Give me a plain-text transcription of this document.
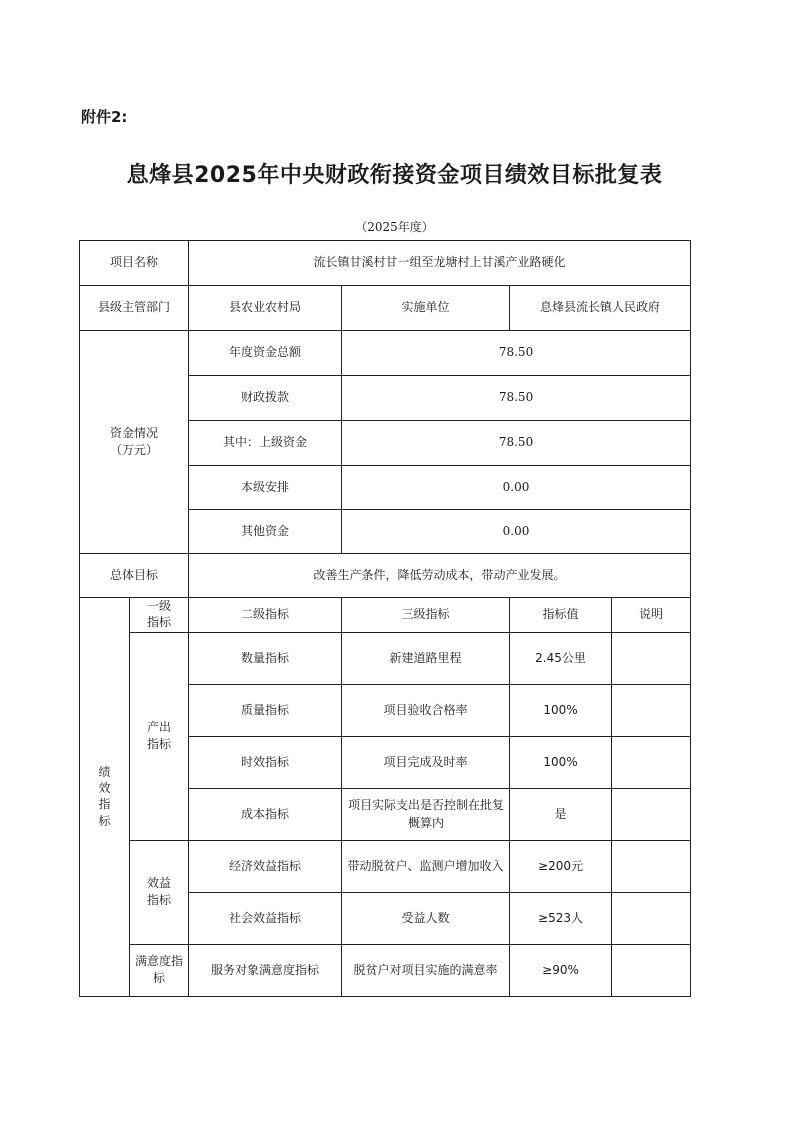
附件2:
息烽县2025年中央财政衔接资金项目绩效目标批复表
（2025年度）
项目名称		流长镇甘溪村甘一组至龙塘村上甘溪产业路硬化			
县级主管部门		县农业农村局	实施单位	息烽县流长镇人民政府	

资金情况
（万元）		年度资金总额	78.50		
		财政拨款	78.50		
		其中：上级资金	78.50		
		本级安排	0.00		
		其他资金	0.00		
总体目标		改善生产条件，降低劳动成本，带动产业发展。			
绩效指标	一级指标	二级指标	三级指标	指标值	说明
	产出指标	数量指标	新建道路里程	2.45公里	
		质量指标	项目验收合格率	100%	
		时效指标	项目完成及时率	100%	
		成本指标	项目实际支出是否控制在批复概算内	是	
	效益指标	经济效益指标	带动脱贫户、监测户增加收入	≥200元	
		社会效益指标	受益人数	≥523人	
	满意度指标	服务对象满意度指标	脱贫户对项目实施的满意率	≥90%	
